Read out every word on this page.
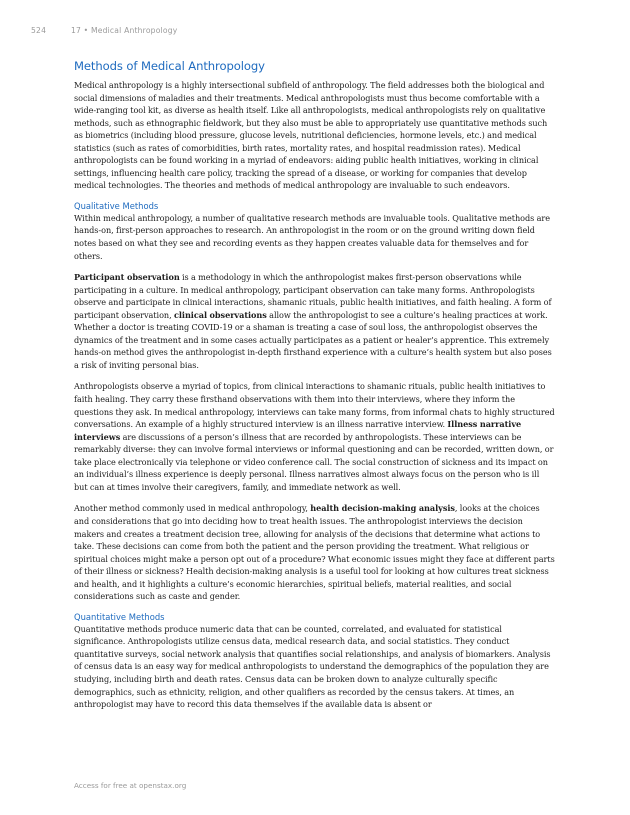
524	17 • Medical Anthropology
Methods of Medical Anthropology

Medical anthropology is a highly intersectional subfield of anthropology. The field addresses both the biological and social dimensions of maladies and their treatments. Medical anthropologists must thus become comfortable with a wide-ranging tool kit, as diverse as health itself. Like all anthropologists, medical anthropologists rely on qualitative methods, such as ethnographic fieldwork, but they also must be able to appropriately use quantitative methods such as biometrics (including blood pressure, glucose levels, nutritional deficiencies, hormone levels, etc.) and medical statistics (such as rates of comorbidities, birth rates, mortality rates, and hospital readmission rates). Medical anthropologists can be found working in a myriad of endeavors: aiding public health initiatives, working in clinical settings, influencing health care policy, tracking the spread of a disease, or working for companies that develop medical technologies. The theories and methods of medical anthropology are invaluable to such endeavors.

Qualitative Methods

Within medical anthropology, a number of qualitative research methods are invaluable tools. Qualitative methods are hands-on, first-person approaches to research. An anthropologist in the room or on the ground writing down field notes based on what they see and recording events as they happen creates valuable data for themselves and for others.

Participant observation is a methodology in which the anthropologist makes first-person observations while participating in a culture. In medical anthropology, participant observation can take many forms. Anthropologists observe and participate in clinical interactions, shamanic rituals, public health initiatives, and faith healing. A form of participant observation, clinical observations allow the anthropologist to see a culture’s healing practices at work. Whether a doctor is treating COVID-19 or a shaman is treating a case of soul loss, the anthropologist observes the dynamics of the treatment and in some cases actually participates as a patient or healer’s apprentice. This extremely hands-on method gives the anthropologist in-depth firsthand experience with a culture’s health system but also poses a risk of inviting personal bias.

Anthropologists observe a myriad of topics, from clinical interactions to shamanic rituals, public health initiatives to faith healing. They carry these firsthand observations with them into their interviews, where they inform the questions they ask. In medical anthropology, interviews can take many forms, from informal chats to highly structured conversations. An example of a highly structured interview is an illness narrative interview. Illness narrative interviews are discussions of a person’s illness that are recorded by anthropologists. These interviews can be remarkably diverse: they can involve formal interviews or informal questioning and can be recorded, written down, or take place electronically via telephone or video conference call. The social construction of sickness and its impact on an individual’s illness experience is deeply personal. Illness narratives almost always focus on the person who is ill but can at times involve their caregivers, family, and immediate network as well.

Another method commonly used in medical anthropology, health decision-making analysis, looks at the choices and considerations that go into deciding how to treat health issues. The anthropologist interviews the decision makers and creates a treatment decision tree, allowing for analysis of the decisions that determine what actions to take. These decisions can come from both the patient and the person providing the treatment. What religious or spiritual choices might make a person opt out of a procedure? What economic issues might they face at different parts of their illness or sickness? Health decision-making analysis is a useful tool for looking at how cultures treat sickness and health, and it highlights a culture’s economic hierarchies, spiritual beliefs, material realities, and social considerations such as caste and gender.

Quantitative Methods

Quantitative methods produce numeric data that can be counted, correlated, and evaluated for statistical significance. Anthropologists utilize census data, medical research data, and social statistics. They conduct quantitative surveys, social network analysis that quantifies social relationships, and analysis of biomarkers. Analysis of census data is an easy way for medical anthropologists to understand the demographics of the population they are studying, including birth and death rates. Census data can be broken down to analyze culturally specific demographics, such as ethnicity, religion, and other qualifiers as recorded by the census takers. At times, an anthropologist may have to record this data themselves if the available data is absent or

Access for free at openstax.org
